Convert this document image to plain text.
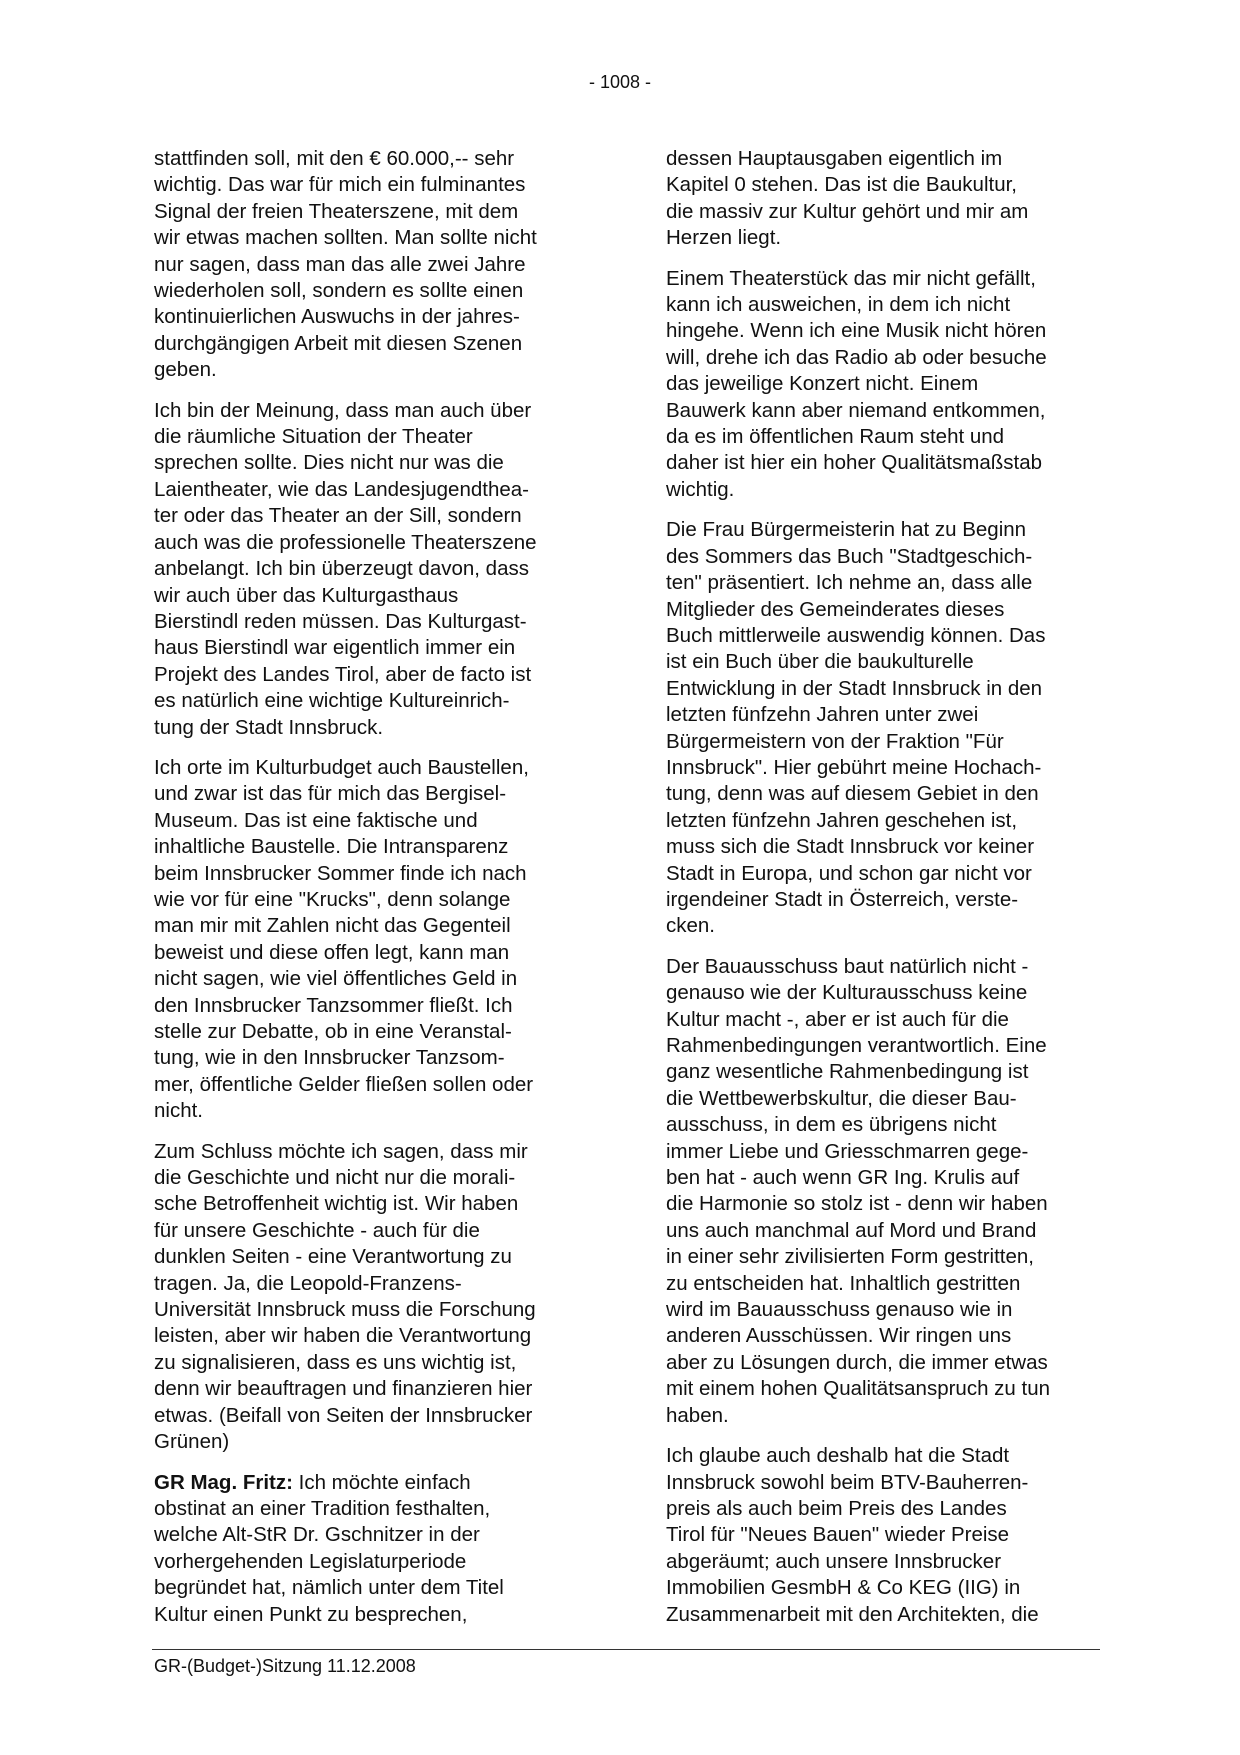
- 1008 -

stattfinden soll, mit den € 60.000,-- sehr
wichtig. Das war für mich ein fulminantes
Signal der freien Theaterszene, mit dem
wir etwas machen sollten. Man sollte nicht
nur sagen, dass man das alle zwei Jahre
wiederholen soll, sondern es sollte einen
kontinuierlichen Auswuchs in der jahres-
durchgängigen Arbeit mit diesen Szenen
geben.

Ich bin der Meinung, dass man auch über
die räumliche Situation der Theater
sprechen sollte. Dies nicht nur was die
Laientheater, wie das Landesjugendthea-
ter oder das Theater an der Sill, sondern
auch was die professionelle Theaterszene
anbelangt. Ich bin überzeugt davon, dass
wir auch über das Kulturgasthaus
Bierstindl reden müssen. Das Kulturgast-
haus Bierstindl war eigentlich immer ein
Projekt des Landes Tirol, aber de facto ist
es natürlich eine wichtige Kultureinrich-
tung der Stadt Innsbruck.

Ich orte im Kulturbudget auch Baustellen,
und zwar ist das für mich das Bergisel-
Museum. Das ist eine faktische und
inhaltliche Baustelle. Die Intransparenz
beim Innsbrucker Sommer finde ich nach
wie vor für eine "Krucks", denn solange
man mir mit Zahlen nicht das Gegenteil
beweist und diese offen legt, kann man
nicht sagen, wie viel öffentliches Geld in
den Innsbrucker Tanzsommer fließt. Ich
stelle zur Debatte, ob in eine Veranstal-
tung, wie in den Innsbrucker Tanzsom-
mer, öffentliche Gelder fließen sollen oder
nicht.

Zum Schluss möchte ich sagen, dass mir
die Geschichte und nicht nur die morali-
sche Betroffenheit wichtig ist. Wir haben
für unsere Geschichte - auch für die
dunklen Seiten - eine Verantwortung zu
tragen. Ja, die Leopold-Franzens-
Universität Innsbruck muss die Forschung
leisten, aber wir haben die Verantwortung
zu signalisieren, dass es uns wichtig ist,
denn wir beauftragen und finanzieren hier
etwas. (Beifall von Seiten der Innsbrucker
Grünen)

GR Mag. Fritz: Ich möchte einfach
obstinat an einer Tradition festhalten,
welche Alt-StR Dr. Gschnitzer in der
vorhergehenden Legislaturperiode
begründet hat, nämlich unter dem Titel
Kultur einen Punkt zu besprechen,

dessen Hauptausgaben eigentlich im
Kapitel 0 stehen. Das ist die Baukultur,
die massiv zur Kultur gehört und mir am
Herzen liegt.

Einem Theaterstück das mir nicht gefällt,
kann ich ausweichen, in dem ich nicht
hingehe. Wenn ich eine Musik nicht hören
will, drehe ich das Radio ab oder besuche
das jeweilige Konzert nicht. Einem
Bauwerk kann aber niemand entkommen,
da es im öffentlichen Raum steht und
daher ist hier ein hoher Qualitätsmaßstab
wichtig.

Die Frau Bürgermeisterin hat zu Beginn
des Sommers das Buch "Stadtgeschich-
ten" präsentiert. Ich nehme an, dass alle
Mitglieder des Gemeinderates dieses
Buch mittlerweile auswendig können. Das
ist ein Buch über die baukulturelle
Entwicklung in der Stadt Innsbruck in den
letzten fünfzehn Jahren unter zwei
Bürgermeistern von der Fraktion "Für
Innsbruck". Hier gebührt meine Hochach-
tung, denn was auf diesem Gebiet in den
letzten fünfzehn Jahren geschehen ist,
muss sich die Stadt Innsbruck vor keiner
Stadt in Europa, und schon gar nicht vor
irgendeiner Stadt in Österreich, verste-
cken.

Der Bauausschuss baut natürlich nicht -
genauso wie der Kulturausschuss keine
Kultur macht -, aber er ist auch für die
Rahmenbedingungen verantwortlich. Eine
ganz wesentliche Rahmenbedingung ist
die Wettbewerbskultur, die dieser Bau-
ausschuss, in dem es übrigens nicht
immer Liebe und Griesschmarren gege-
ben hat - auch wenn GR Ing. Krulis auf
die Harmonie so stolz ist - denn wir haben
uns auch manchmal auf Mord und Brand
in einer sehr zivilisierten Form gestritten,
zu entscheiden hat. Inhaltlich gestritten
wird im Bauausschuss genauso wie in
anderen Ausschüssen. Wir ringen uns
aber zu Lösungen durch, die immer etwas
mit einem hohen Qualitätsanspruch zu tun
haben.

Ich glaube auch deshalb hat die Stadt
Innsbruck sowohl beim BTV-Bauherren-
preis als auch beim Preis des Landes
Tirol für "Neues Bauen" wieder Preise
abgeräumt; auch unsere Innsbrucker
Immobilien GesmbH & Co KEG (IIG) in
Zusammenarbeit mit den Architekten, die

GR-(Budget-)Sitzung 11.12.2008
